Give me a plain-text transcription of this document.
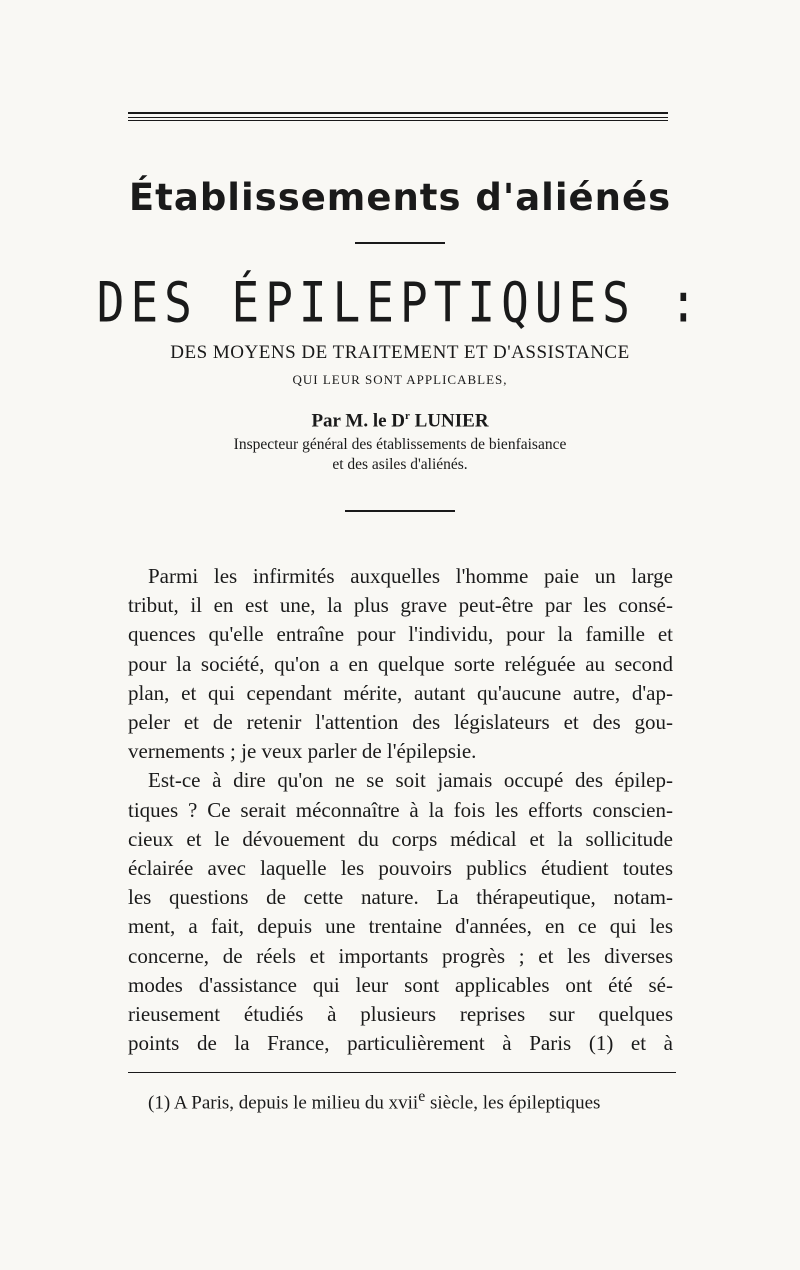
Établissements d'aliénés
DES ÉPILEPTIQUES :
DES MOYENS DE TRAITEMENT ET D'ASSISTANCE
QUI LEUR SONT APPLICABLES,
Par M. le $D^r$ LUNIER
Inspecteur général des établissements de bienfaisance
et des asiles d'aliénés.
Parmi les infirmités auxquelles l'homme paie un large
tribut, il en est une, la plus grave peut-être par les consé-
quences qu'elle entraîne pour l'individu, pour la famille et
pour la société, qu'on a en quelque sorte reléguée au second
plan, et qui cependant mérite, autant qu'aucune autre, d'ap-
peler et de retenir l'attention des législateurs et des gou-
vernements ; je veux parler de l'épilepsie.
Est-ce à dire qu'on ne se soit jamais occupé des épilep-
tiques ? Ce serait méconnaître à la fois les efforts conscien-
cieux et le dévouement du corps médical et la sollicitude
éclairée avec laquelle les pouvoirs publics étudient toutes
les questions de cette nature. La thérapeutique, notam-
ment, a fait, depuis une trentaine d'années, en ce qui les
concerne, de réels et importants progrès ; et les diverses
modes d'assistance qui leur sont applicables ont été sé-
rieusement étudiés à plusieurs reprises sur quelques
points de la France, particulièrement à Paris (1) et à
(1) A Paris, depuis le milieu du xvii$^e$ siècle, les épileptiques
